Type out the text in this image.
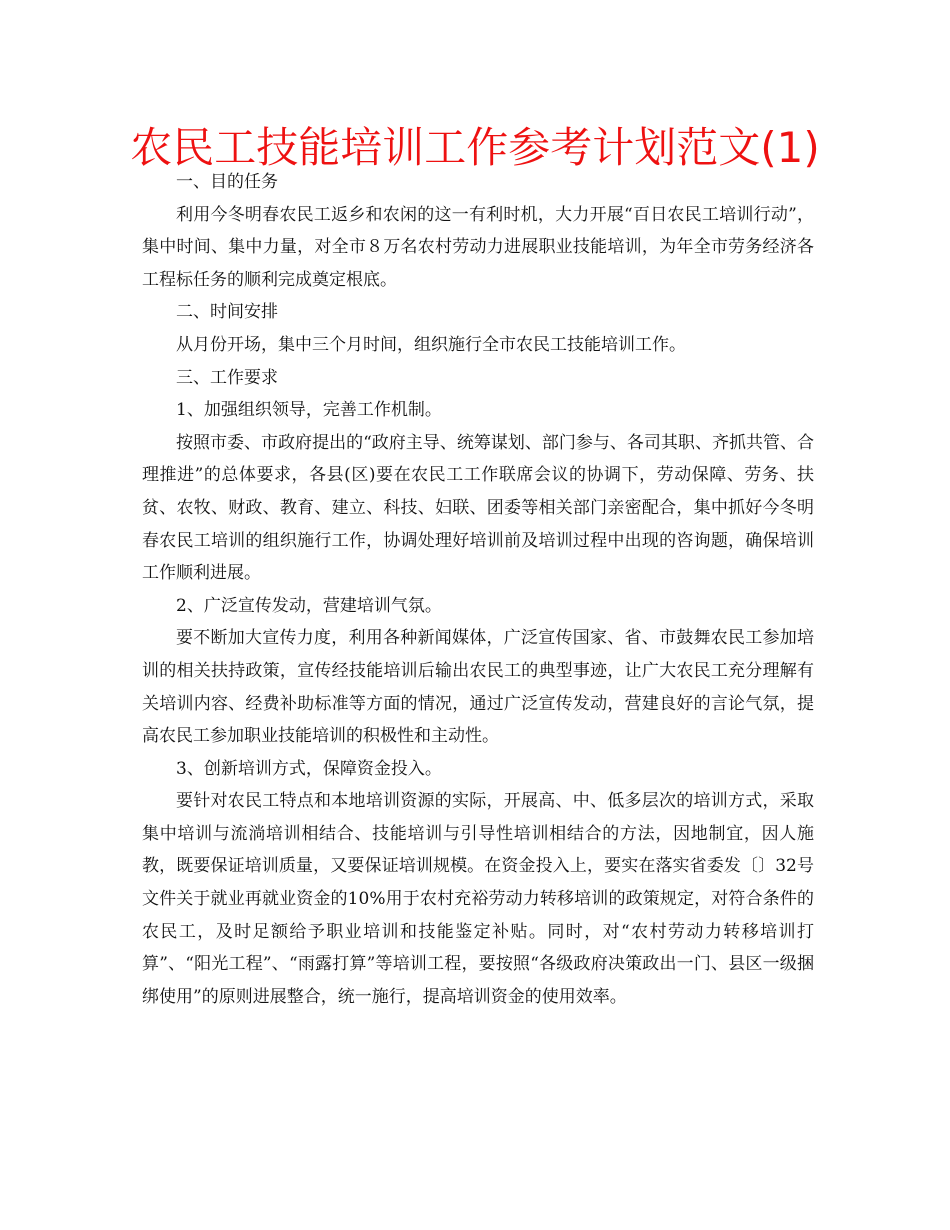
农民工技能培训工作参考计划范文(1)

一、目的任务

利用今冬明春农民工返乡和农闲的这一有利时机，大力开展“百日农民工培训行动”，集中时间、集中力量，对全市８万名农村劳动力进展职业技能培训，为年全市劳务经济各工程标任务的顺利完成奠定根底。

二、时间安排

从月份开场，集中三个月时间，组织施行全市农民工技能培训工作。

三、工作要求

1、加强组织领导，完善工作机制。

按照市委、市政府提出的“政府主导、统筹谋划、部门参与、各司其职、齐抓共管、合理推进”的总体要求，各县(区)要在农民工工作联席会议的协调下，劳动保障、劳务、扶贫、农牧、财政、教育、建立、科技、妇联、团委等相关部门亲密配合，集中抓好今冬明春农民工培训的组织施行工作，协调处理好培训前及培训过程中出现的咨询题，确保培训工作顺利进展。

2、广泛宣传发动，营建培训气氛。

要不断加大宣传力度，利用各种新闻媒体，广泛宣传国家、省、市鼓舞农民工参加培训的相关扶持政策，宣传经技能培训后输出农民工的典型事迹，让广大农民工充分理解有关培训内容、经费补助标准等方面的情况，通过广泛宣传发动，营建良好的言论气氛，提高农民工参加职业技能培训的积极性和主动性。

3、创新培训方式，保障资金投入。

要针对农民工特点和本地培训资源的实际，开展高、中、低多层次的培训方式，采取集中培训与流淌培训相结合、技能培训与引导性培训相结合的方法，因地制宜，因人施教，既要保证培训质量，又要保证培训规模。在资金投入上，要实在落实省委发〔〕32号文件关于就业再就业资金的10%用于农村充裕劳动力转移培训的政策规定，对符合条件的农民工，及时足额给予职业培训和技能鉴定补贴。同时，对“农村劳动力转移培训打算”、“阳光工程”、“雨露打算”等培训工程，要按照“各级政府决策政出一门、县区一级捆绑使用”的原则进展整合，统一施行，提高培训资金的使用效率。
